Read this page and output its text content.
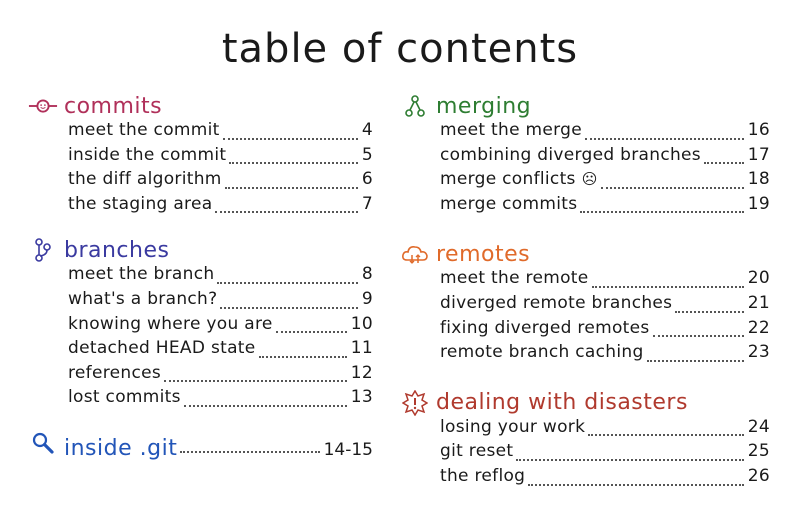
table of contents
commits
meet the commit	4
inside the commit	5
the diff algorithm	6
the staging area	7
branches
meet the branch	8
what's a branch?	9
knowing where you are	10
detached HEAD state	11
references	12
lost commits	13
inside .git	14-15
merging
meet the merge	16
combining diverged branches	17
merge conflicts ☹	18
merge commits	19
remotes
meet the remote	20
diverged remote branches	21
fixing diverged remotes	22
remote branch caching	23
dealing with disasters
losing your work	24
git reset	25
the reflog	26
